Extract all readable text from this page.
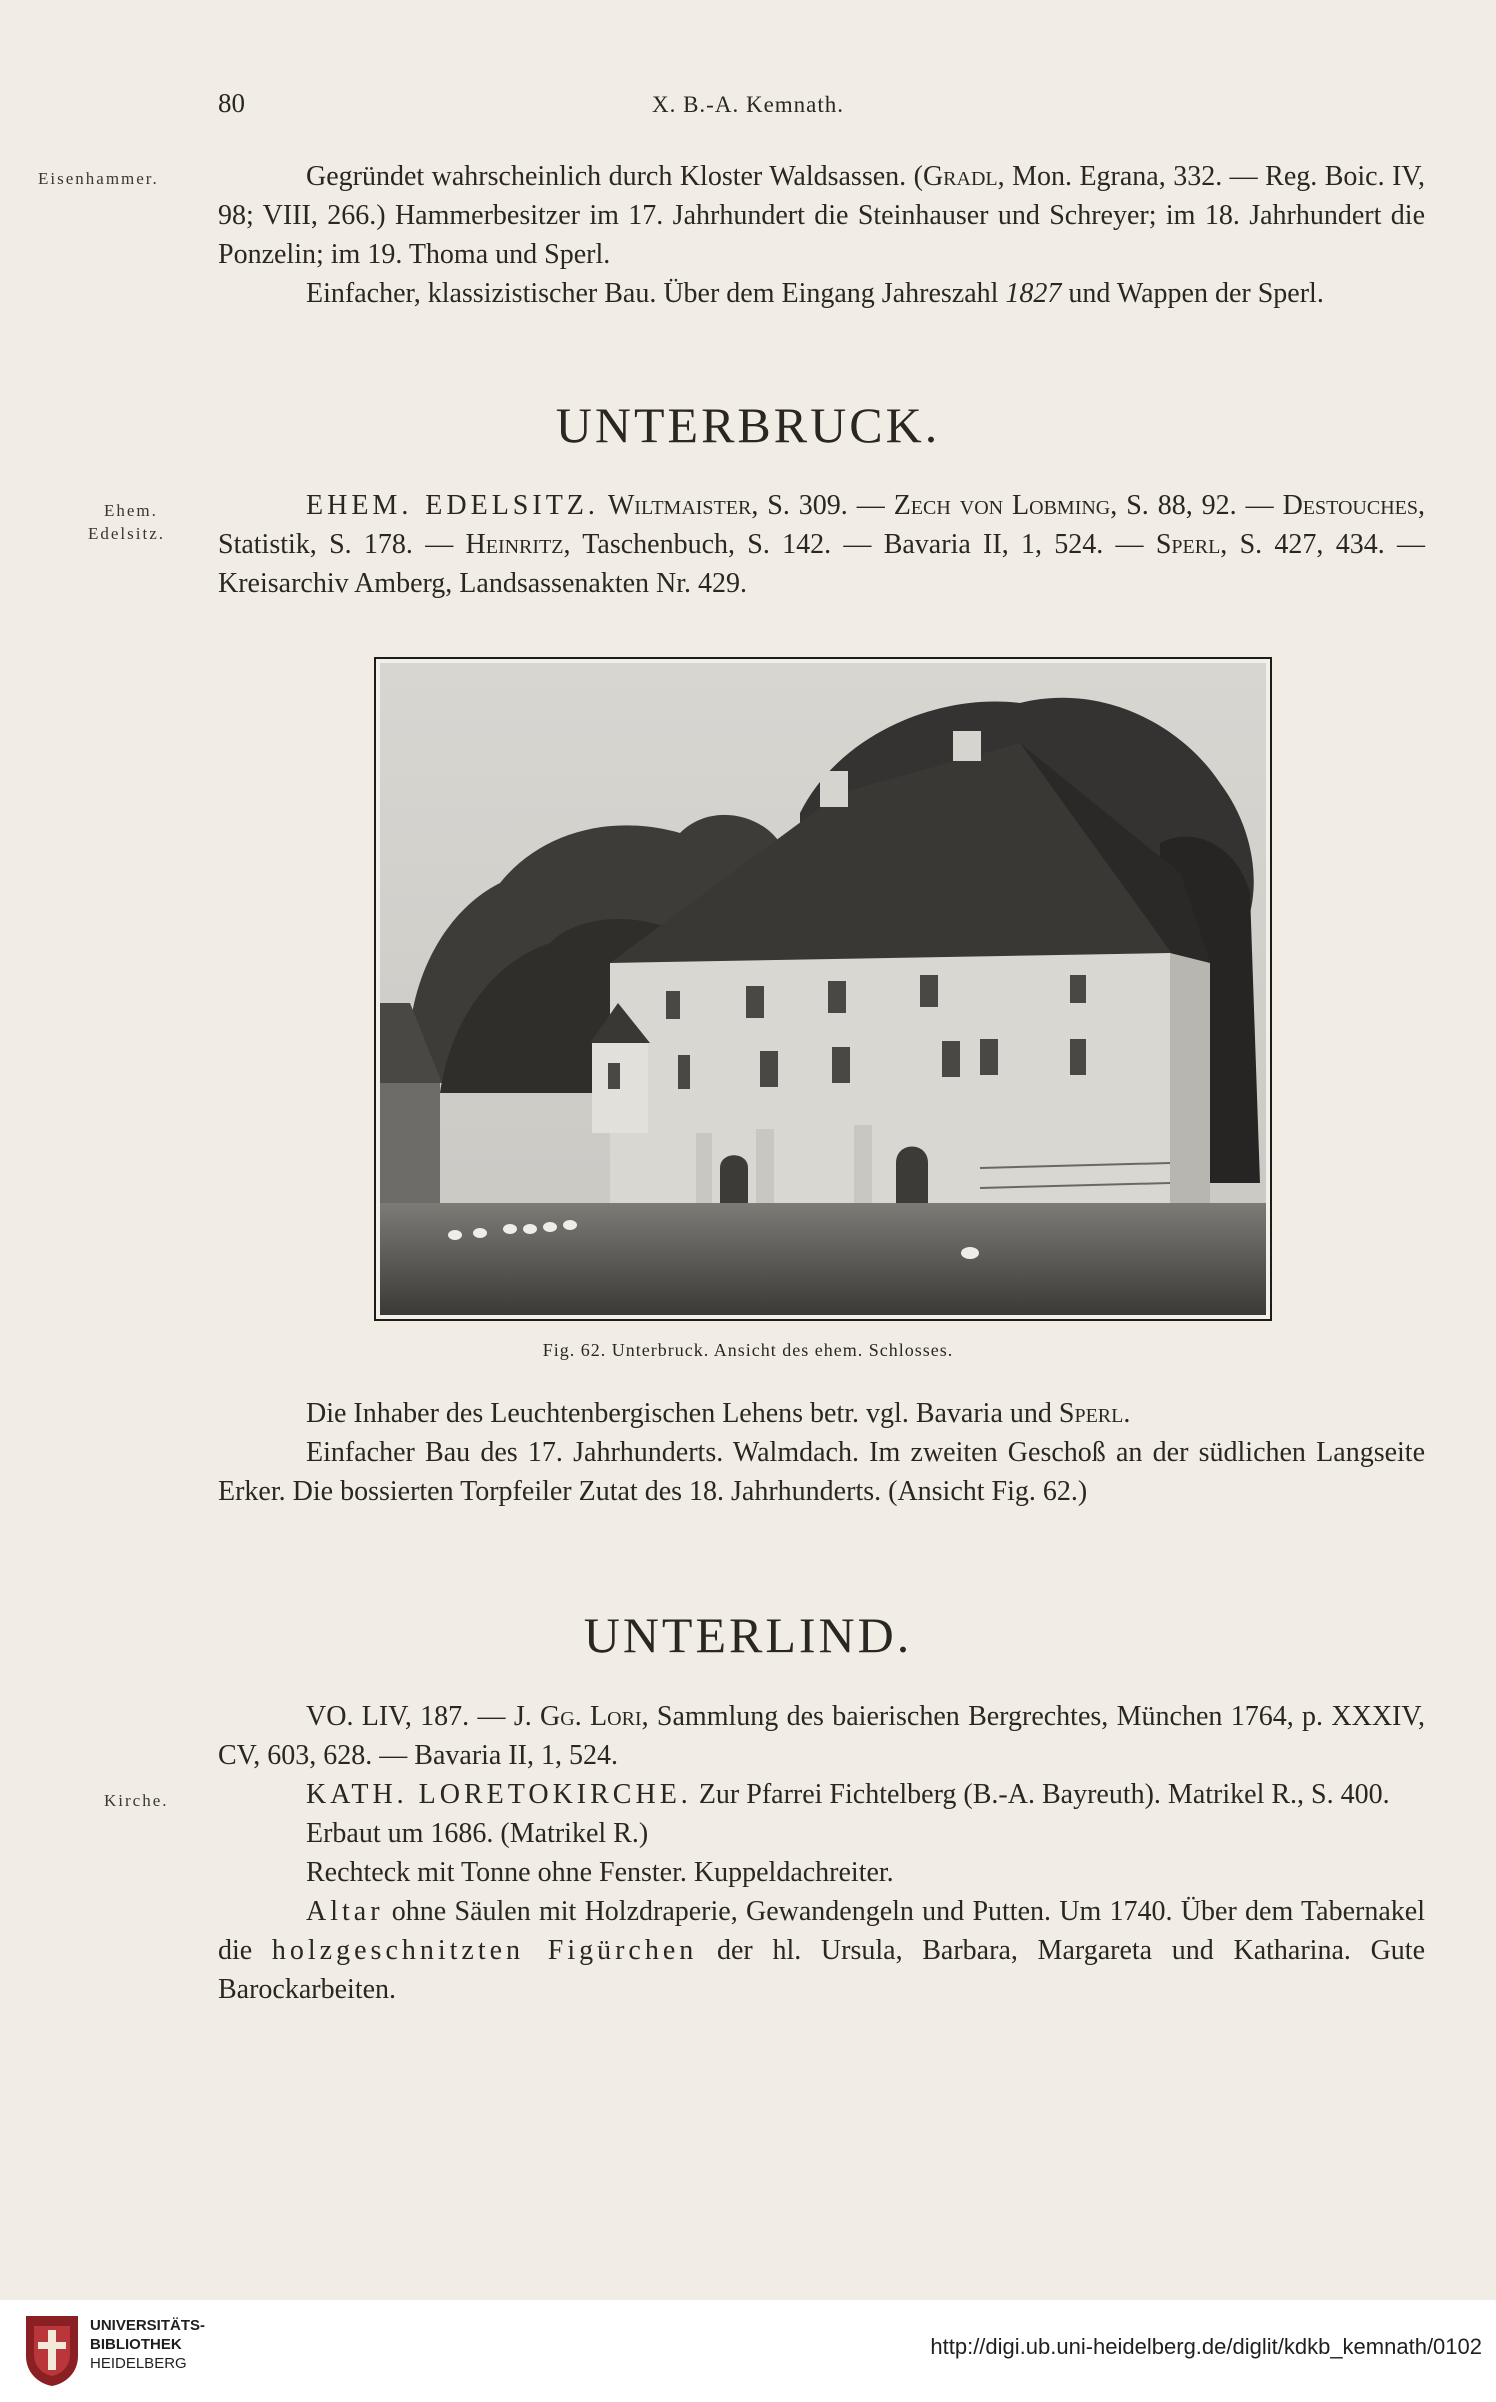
80	X. B.-A. Kemnath.
Eisenhammer.
Ehem.
Edelsitz.
Kirche.

Gegründet wahrscheinlich durch Kloster Waldsassen. (Gradl, Mon. Egrana, 332. — Reg. Boic. IV, 98; VIII, 266.) Hammerbesitzer im 17. Jahrhundert die Steinhauser und Schreyer; im 18. Jahrhundert die Ponzelin; im 19. Thoma und Sperl.

Einfacher, klassizistischer Bau. Über dem Eingang Jahreszahl 1827 und Wappen der Sperl.

UNTERBRUCK.

EHEM. EDELSITZ. Wiltmaister, S. 309. — Zech von Lobming, S. 88, 92. — Destouches, Statistik, S. 178. — Heinritz, Taschenbuch, S. 142. — Bavaria II, 1, 524. — Sperl, S. 427, 434. — Kreisarchiv Amberg, Landsassenakten Nr. 429.

Fig. 62. Unterbruck. Ansicht des ehem. Schlosses.

Die Inhaber des Leuchtenbergischen Lehens betr. vgl. Bavaria und Sperl.

Einfacher Bau des 17. Jahrhunderts. Walmdach. Im zweiten Geschoß an der südlichen Langseite Erker. Die bossierten Torpfeiler Zutat des 18. Jahrhunderts. (Ansicht Fig. 62.)

UNTERLIND.

VO. LIV, 187. — J. Gg. Lori, Sammlung des baierischen Bergrechtes, München 1764, p. XXXIV, CV, 603, 628. — Bavaria II, 1, 524.

KATH. LORETOKIRCHE. Zur Pfarrei Fichtelberg (B.-A. Bayreuth). Matrikel R., S. 400.

Erbaut um 1686. (Matrikel R.)

Rechteck mit Tonne ohne Fenster. Kuppeldachreiter.

Altar ohne Säulen mit Holzdraperie, Gewandengeln und Putten. Um 1740. Über dem Tabernakel die holzgeschnitzten Figürchen der hl. Ursula, Barbara, Margareta und Katharina. Gute Barockarbeiten.

UNIVERSITÄTS-
BIBLIOTHEK
HEIDELBERG
http://digi.ub.uni-heidelberg.de/diglit/kdkb_kemnath/0102
